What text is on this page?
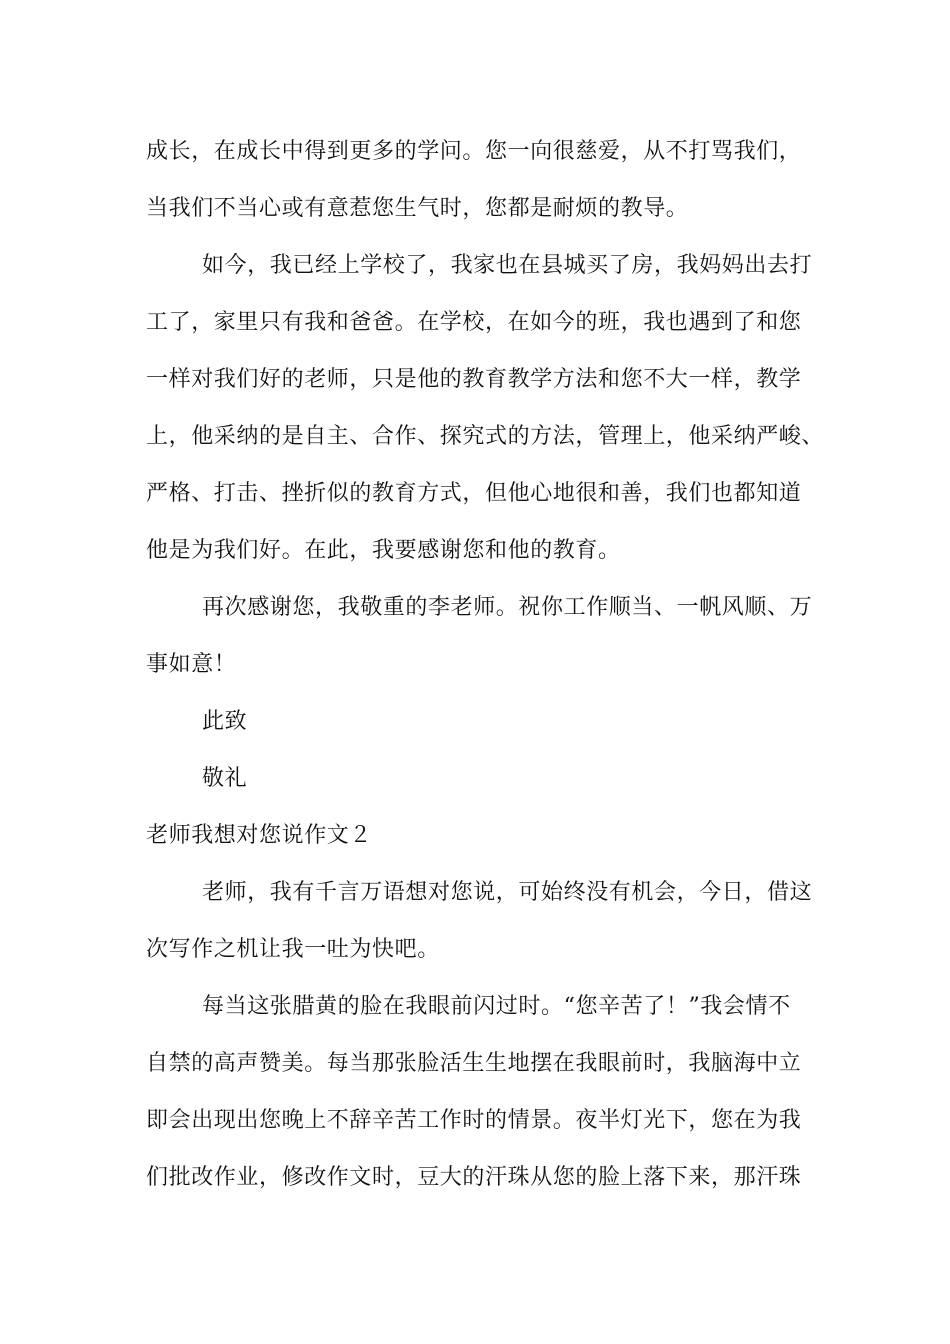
成长，在成长中得到更多的学问。您一向很慈爱，从不打骂我们，
当我们不当心或有意惹您生气时，您都是耐烦的教导。
如今，我已经上学校了，我家也在县城买了房，我妈妈出去打
工了，家里只有我和爸爸。在学校，在如今的班，我也遇到了和您
一样对我们好的老师，只是他的教育教学方法和您不大一样，教学
上，他采纳的是自主、合作、探究式的方法，管理上，他采纳严峻、
严格、打击、挫折似的教育方式，但他心地很和善，我们也都知道
他是为我们好。在此，我要感谢您和他的教育。
再次感谢您，我敬重的李老师。祝你工作顺当、一帆风顺、万
事如意！
此致
敬礼
老师我想对您说作文２
老师，我有千言万语想对您说，可始终没有机会，今日，借这
次写作之机让我一吐为快吧。
每当这张腊黄的脸在我眼前闪过时。“您辛苦了！”我会情不
自禁的高声赞美。每当那张脸活生生地摆在我眼前时，我脑海中立
即会出现出您晚上不辞辛苦工作时的情景。夜半灯光下，您在为我
们批改作业，修改作文时，豆大的汗珠从您的脸上落下来，那汗珠
